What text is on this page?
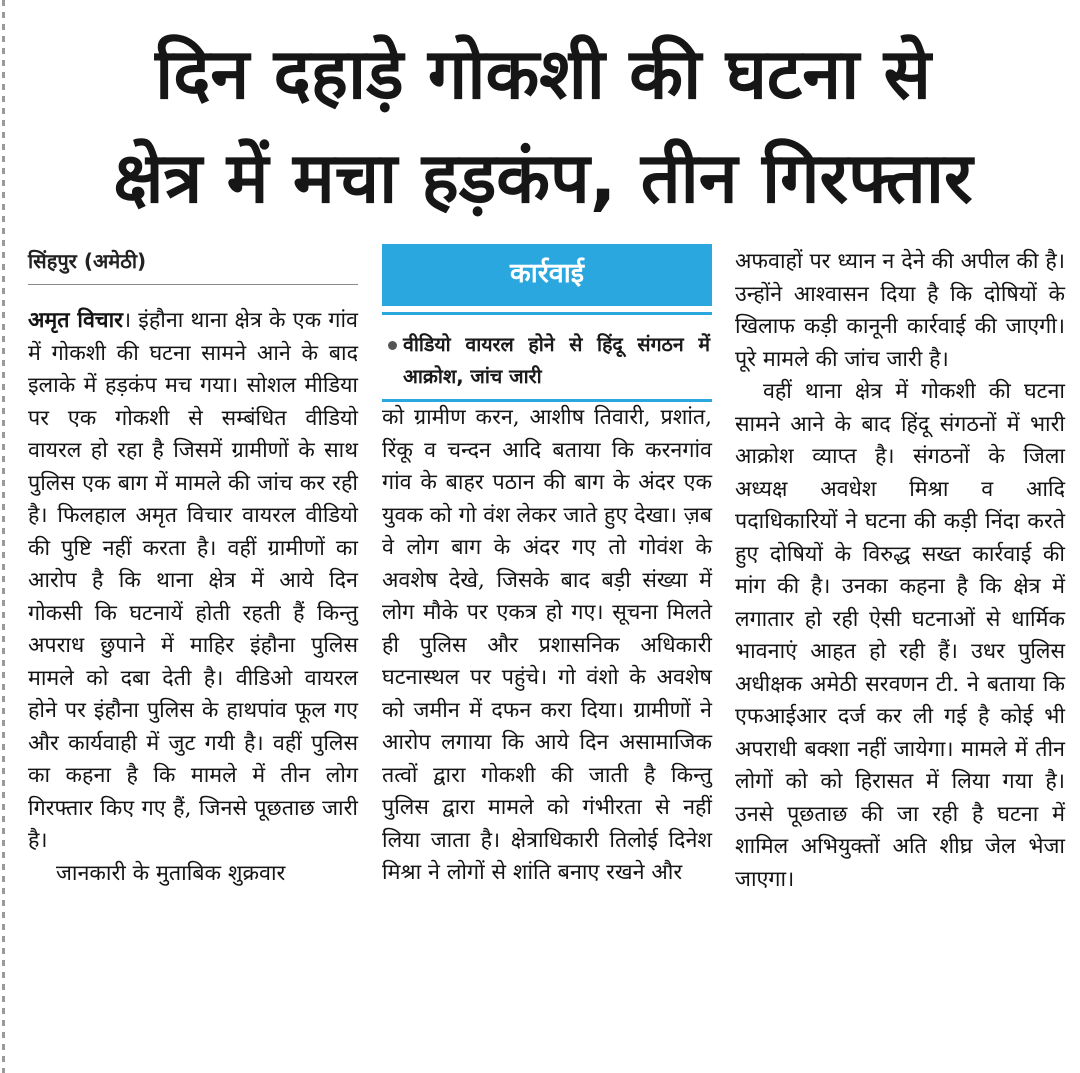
दिन दहाड़े गोकशी की घटना से
क्षेत्र में मचा हड़कंप, तीन गिरफ्तार
सिंहपुर (अमेठी)

अमृत विचार। इंहौना थाना क्षेत्र के एक गांव में गोकशी की घटना सामने आने के बाद इलाके में हड़कंप मच गया। सोशल मीडिया पर एक गोकशी से सम्बंधित वीडियो वायरल हो रहा है जिसमें ग्रामीणों के साथ पुलिस एक बाग में मामले की जांच कर रही है। फिलहाल अमृत विचार वायरल वीडियो की पुष्टि नहीं करता है। वहीं ग्रामीणों का आरोप है कि थाना क्षेत्र में आये दिन गोकसी कि घटनायें होती रहती हैं किन्तु अपराध छुपाने में माहिर इंहौना पुलिस मामले को दबा देती है। वीडिओ वायरल होने पर इंहौना पुलिस के हाथपांव फूल गए और कार्यवाही में जुट गयी है। वहीं पुलिस का कहना है कि मामले में तीन लोग गिरफ्तार किए गए हैं, जिनसे पूछताछ जारी है।

जानकारी के मुताबिक शुक्रवार

कार्रवाई
वीडियो वायरल होने से हिंदू संगठन में आक्रोश, जांच जारी

को ग्रामीण करन, आशीष तिवारी, प्रशांत, रिंकू व चन्दन आदि बताया कि करनगांव गांव के बाहर पठान की बाग के अंदर एक युवक को गो वंश लेकर जाते हुए देखा। ज़ब वे लोग बाग के अंदर गए तो गोवंश के अवशेष देखे, जिसके बाद बड़ी संख्या में लोग मौके पर एकत्र हो गए। सूचना मिलते ही पुलिस और प्रशासनिक अधिकारी घटनास्थल पर पहुंचे। गो वंशो के अवशेष को जमीन में दफन करा दिया। ग्रामीणों ने आरोप लगाया कि आये दिन असामाजिक तत्वों द्वारा गोकशी की जाती है किन्तु पुलिस द्वारा मामले को गंभीरता से नहीं लिया जाता है। क्षेत्राधिकारी तिलोई दिनेश मिश्रा ने लोगों से शांति बनाए रखने और

अफवाहों पर ध्यान न देने की अपील की है। उन्होंने आश्वासन दिया है कि दोषियों के खिलाफ कड़ी कानूनी कार्रवाई की जाएगी। पूरे मामले की जांच जारी है।

वहीं थाना क्षेत्र में गोकशी की घटना सामने आने के बाद हिंदू संगठनों में भारी आक्रोश व्याप्त है। संगठनों के जिला अध्यक्ष अवधेश मिश्रा व आदि पदाधिकारियों ने घटना की कड़ी निंदा करते हुए दोषियों के विरुद्ध सख्त कार्रवाई की मांग की है। उनका कहना है कि क्षेत्र में लगातार हो रही ऐसी घटनाओं से धार्मिक भावनाएं आहत हो रही हैं। उधर पुलिस अधीक्षक अमेठी सरवणन टी. ने बताया कि एफआईआर दर्ज कर ली गई है कोई भी अपराधी बक्शा नहीं जायेगा। मामले में तीन लोगों को को हिरासत में लिया गया है। उनसे पूछताछ की जा रही है घटना में शामिल अभियुक्तों अति शीघ्र जेल भेजा जाएगा।
